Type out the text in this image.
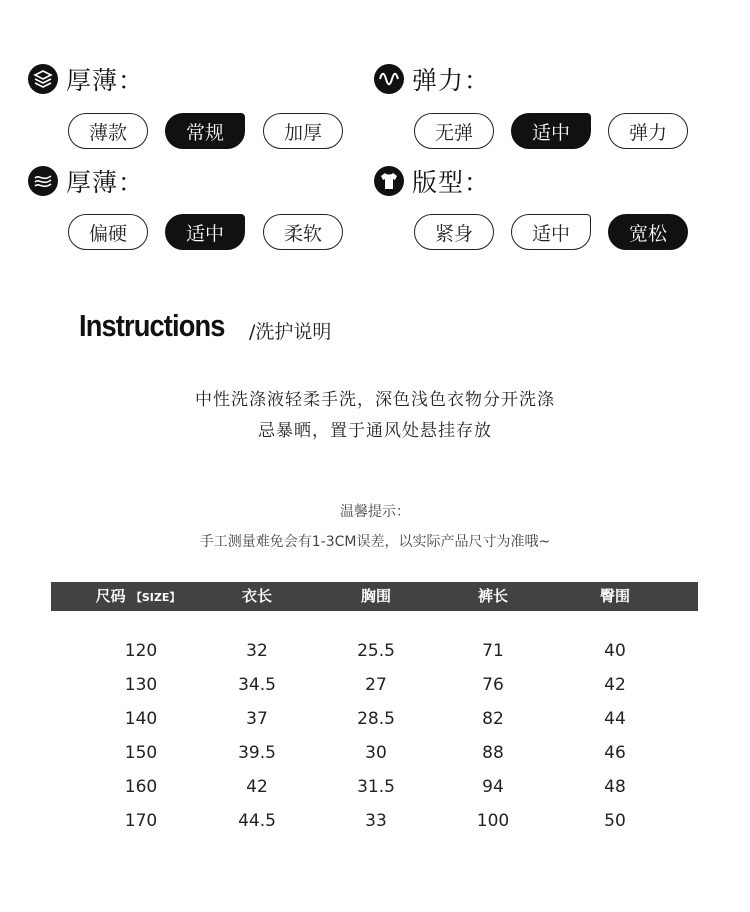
厚薄：
薄款	常规	加厚
弹力：
无弹	适中	弹力
厚薄：
偏硬	适中	柔软
版型：
紧身	适中	宽松
Instructions /洗护说明
中性洗涤液轻柔手洗，深色浅色衣物分开洗涤
忌暴晒，置于通风处悬挂存放
温馨提示：
手工测量难免会有1-3CM误差，以实际产品尺寸为准哦~
尺码 【SIZE】	衣长	胸围	裤长	臀围
120	32	25.5	71	40
130	34.5	27	76	42
140	37	28.5	82	44
150	39.5	30	88	46
160	42	31.5	94	48
170	44.5	33	100	50
